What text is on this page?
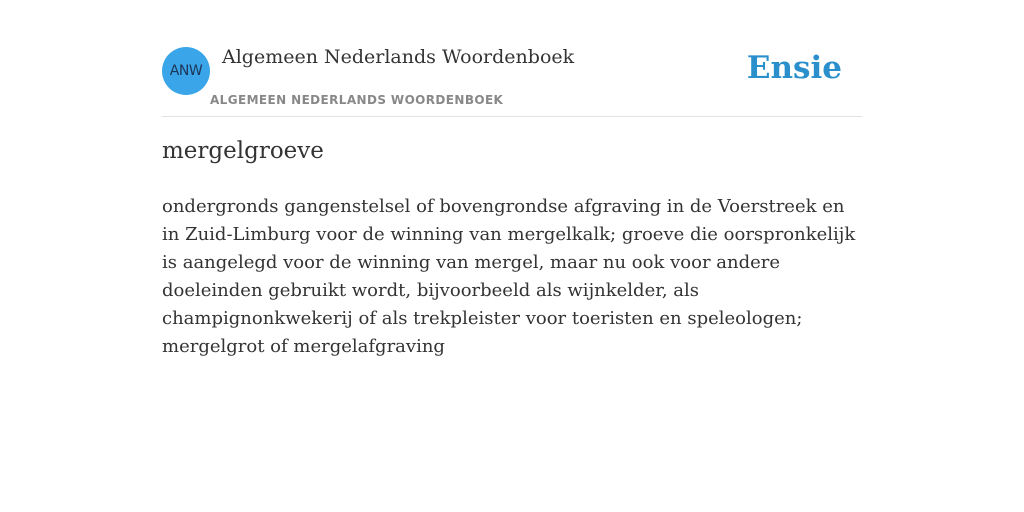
ANW
Algemeen Nederlands Woordenboek
ALGEMEEN NEDERLANDS WOORDENBOEK
Ensie
mergelgroeve

ondergronds gangenstelsel of bovengrondse afgraving in de Voerstreek en in Zuid-Limburg voor de winning van mergelkalk; groeve die oorspronkelijk is aangelegd voor de winning van mergel, maar nu ook voor andere doeleinden gebruikt wordt, bijvoorbeeld als wijnkelder, als champignonkwekerij of als trekpleister voor toeristen en speleologen; mergelgrot of mergelafgraving
